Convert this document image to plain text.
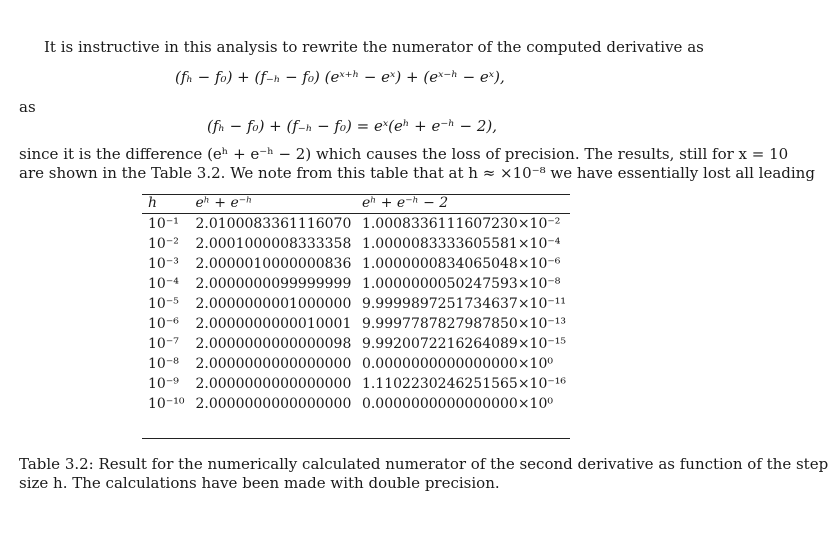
It is instructive in this analysis to rewrite the numerator of the computed derivative as
(fₕ − f₀) + (f₋ₕ − f₀) (eˣ⁺ʰ − eˣ) + (eˣ⁻ʰ − eˣ),
as
(fₕ − f₀) + (f₋ₕ − f₀) = eˣ(eʰ + e⁻ʰ − 2),
since it is the difference (eʰ + e⁻ʰ − 2) which causes the loss of precision. The results, still for x = 10
are shown in the Table 3.2. We note from this table that at h ≈ ×10⁻⁸ we have essentially lost all leading
h	eʰ + e⁻ʰ	eʰ + e⁻ʰ − 2
10⁻¹	2.0100083361116070	1.0008336111607230×10⁻²
10⁻²	2.0001000008333358	1.0000083333605581×10⁻⁴
10⁻³	2.0000010000000836	1.0000000834065048×10⁻⁶
10⁻⁴	2.0000000099999999	1.0000000050247593×10⁻⁸
10⁻⁵	2.0000000001000000	9.9999897251734637×10⁻¹¹
10⁻⁶	2.0000000000010001	9.9997787827987850×10⁻¹³
10⁻⁷	2.0000000000000098	9.9920072216264089×10⁻¹⁵
10⁻⁸	2.0000000000000000	0.0000000000000000×10⁰
10⁻⁹	2.0000000000000000	1.1102230246251565×10⁻¹⁶
10⁻¹⁰	2.0000000000000000	0.0000000000000000×10⁰
Table 3.2: Result for the numerically calculated numerator of the second derivative as function of the step
size h. The calculations have been made with double precision.
